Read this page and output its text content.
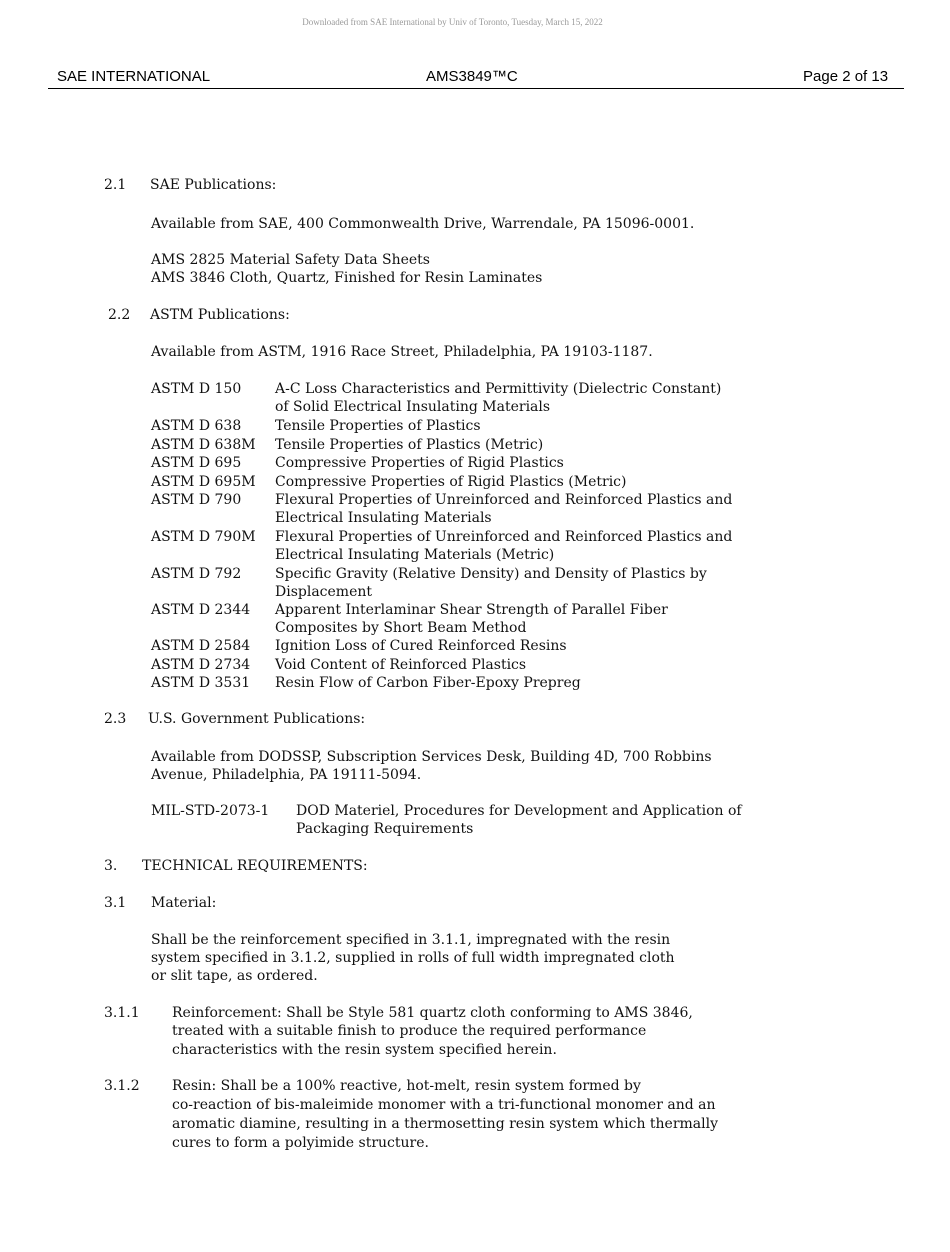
Downloaded from SAE International by Univ of Toronto, Tuesday, March 15, 2022
SAE INTERNATIONAL	AMS3849™C	Page 2 of 13
2.1 SAE Publications:
Available from SAE, 400 Commonwealth Drive, Warrendale, PA 15096-0001.
AMS 2825 Material Safety Data Sheets
AMS 3846 Cloth, Quartz, Finished for Resin Laminates
2.2 ASTM Publications:
Available from ASTM, 1916 Race Street, Philadelphia, PA 19103-1187.
ASTM D 150 A-C Loss Characteristics and Permittivity (Dielectric Constant)
of Solid Electrical Insulating Materials
ASTM D 638 Tensile Properties of Plastics
ASTM D 638M Tensile Properties of Plastics (Metric)
ASTM D 695 Compressive Properties of Rigid Plastics
ASTM D 695M Compressive Properties of Rigid Plastics (Metric)
ASTM D 790 Flexural Properties of Unreinforced and Reinforced Plastics and
Electrical Insulating Materials
ASTM D 790M Flexural Properties of Unreinforced and Reinforced Plastics and
Electrical Insulating Materials (Metric)
ASTM D 792 Specific Gravity (Relative Density) and Density of Plastics by
Displacement
ASTM D 2344 Apparent Interlaminar Shear Strength of Parallel Fiber
Composites by Short Beam Method
ASTM D 2584 Ignition Loss of Cured Reinforced Resins
ASTM D 2734 Void Content of Reinforced Plastics
ASTM D 3531 Resin Flow of Carbon Fiber-Epoxy Prepreg
2.3 U.S. Government Publications:
Available from DODSSP, Subscription Services Desk, Building 4D, 700 Robbins
Avenue, Philadelphia, PA 19111-5094.
MIL-STD-2073-1 DOD Materiel, Procedures for Development and Application of
Packaging Requirements
3. TECHNICAL REQUIREMENTS:
3.1 Material:
Shall be the reinforcement specified in 3.1.1, impregnated with the resin
system specified in 3.1.2, supplied in rolls of full width impregnated cloth
or slit tape, as ordered.
3.1.1 Reinforcement: Shall be Style 581 quartz cloth conforming to AMS 3846,
treated with a suitable finish to produce the required performance
characteristics with the resin system specified herein.
3.1.2 Resin: Shall be a 100% reactive, hot-melt, resin system formed by
co-reaction of bis-maleimide monomer with a tri-functional monomer and an
aromatic diamine, resulting in a thermosetting resin system which thermally
cures to form a polyimide structure.
